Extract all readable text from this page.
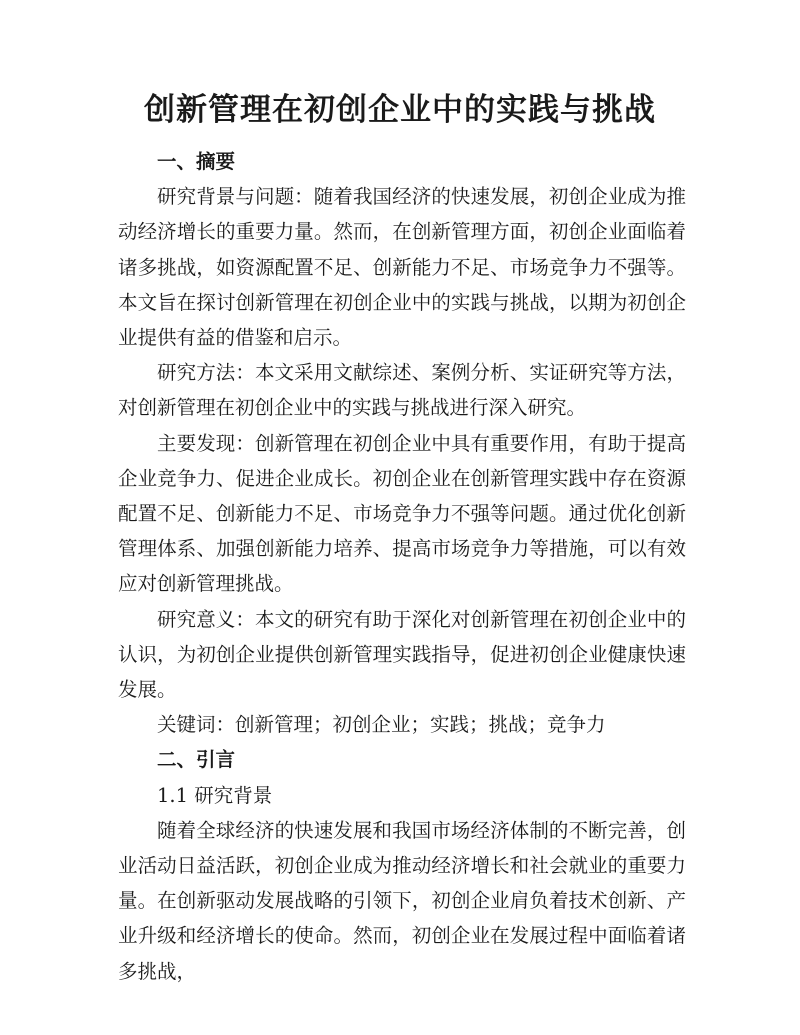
创新管理在初创企业中的实践与挑战
一、摘要

研究背景与问题：随着我国经济的快速发展，初创企业成为推动经济增长的重要力量。然而，在创新管理方面，初创企业面临着诸多挑战，如资源配置不足、创新能力不足、市场竞争力不强等。本文旨在探讨创新管理在初创企业中的实践与挑战，以期为初创企业提供有益的借鉴和启示。

研究方法：本文采用文献综述、案例分析、实证研究等方法，对创新管理在初创企业中的实践与挑战进行深入研究。

主要发现：创新管理在初创企业中具有重要作用，有助于提高企业竞争力、促进企业成长。初创企业在创新管理实践中存在资源配置不足、创新能力不足、市场竞争力不强等问题。通过优化创新管理体系、加强创新能力培养、提高市场竞争力等措施，可以有效应对创新管理挑战。

研究意义：本文的研究有助于深化对创新管理在初创企业中的认识，为初创企业提供创新管理实践指导，促进初创企业健康快速发展。

关键词：创新管理；初创企业；实践；挑战；竞争力

二、引言
1.1 研究背景

随着全球经济的快速发展和我国市场经济体制的不断完善，创业活动日益活跃，初创企业成为推动经济增长和社会就业的重要力量。在创新驱动发展战略的引领下，初创企业肩负着技术创新、产业升级和经济增长的使命。然而，初创企业在发展过程中面临着诸多挑战，
